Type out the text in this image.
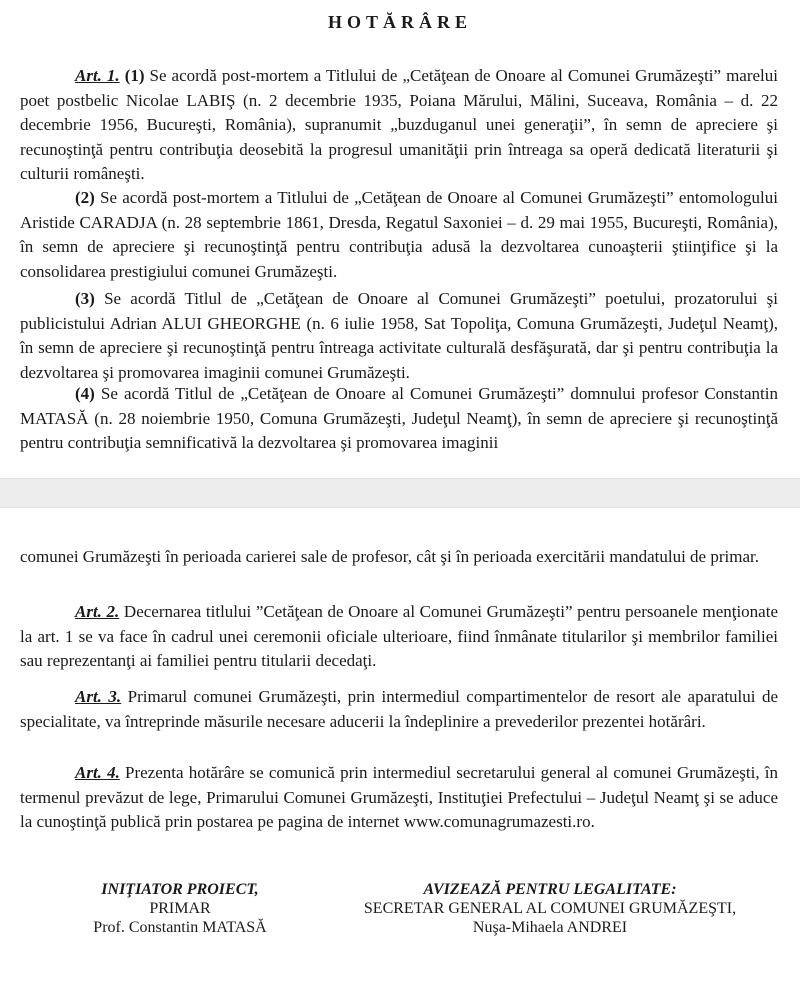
HOTĂRÂRE
Art. 1. (1) Se acordă post-mortem a Titlului de „Cetăţean de Onoare al Comunei Grumăzeşti” marelui poet postbelic Nicolae LABIŞ (n. 2 decembrie 1935, Poiana Mărului, Mălini, Suceava, România – d. 22 decembrie 1956, Bucureşti, România), supranumit „buzduganul unei generaţii”, în semn de apreciere şi recunoştinţă pentru contribuţia deosebită la progresul umanităţii prin întreaga sa operă dedicată literaturii şi culturii româneşti.
(2) Se acordă post-mortem a Titlului de „Cetăţean de Onoare al Comunei Grumăzeşti” entomologului Aristide CARADJA (n. 28 septembrie 1861, Dresda, Regatul Saxoniei – d. 29 mai 1955, Bucureşti, România), în semn de apreciere şi recunoştinţă pentru contribuţia adusă la dezvoltarea cunoaşterii ştiinţifice şi la consolidarea prestigiului comunei Grumăzeşti.
(3) Se acordă Titlul de „Cetăţean de Onoare al Comunei Grumăzeşti” poetului, prozatorului şi publicistului Adrian ALUI GHEORGHE (n. 6 iulie 1958, Sat Topoliţa, Comuna Grumăzeşti, Judeţul Neamţ), în semn de apreciere şi recunoştinţă pentru întreaga activitate culturală desfăşurată, dar şi pentru contribuţia la dezvoltarea şi promovarea imaginii comunei Grumăzeşti.
(4) Se acordă Titlul de „Cetăţean de Onoare al Comunei Grumăzeşti” domnului profesor Constantin MATASĂ (n. 28 noiembrie 1950, Comuna Grumăzeşti, Judeţul Neamţ), în semn de apreciere şi recunoştinţă pentru contribuţia semnificativă la dezvoltarea şi promovarea imaginii
comunei Grumăzeşti în perioada carierei sale de profesor, cât şi în perioada exercitării mandatului de primar.
Art. 2. Decernarea titlului ”Cetăţean de Onoare al Comunei Grumăzeşti” pentru persoanele menţionate la art. 1 se va face în cadrul unei ceremonii oficiale ulterioare, fiind înmânate titularilor şi membrilor familiei sau reprezentanţi ai familiei pentru titularii decedaţi.
Art. 3. Primarul comunei Grumăzeşti, prin intermediul compartimentelor de resort ale aparatului de specialitate, va întreprinde măsurile necesare aducerii la îndeplinire a prevederilor prezentei hotărâri.
Art. 4. Prezenta hotărâre se comunică prin intermediul secretarului general al comunei Grumăzeşti, în termenul prevăzut de lege, Primarului Comunei Grumăzeşti, Instituţiei Prefectului – Judeţul Neamţ şi se aduce la cunoştinţă publică prin postarea pe pagina de internet www.comunagrumazesti.ro.
INIŢIATOR PROIECT,
PRIMAR
Prof. Constantin MATASĂ
AVIZEAZĂ PENTRU LEGALITATE:
SECRETAR GENERAL AL COMUNEI GRUMĂZEŞTI,
Nuşa-Mihaela ANDREI
